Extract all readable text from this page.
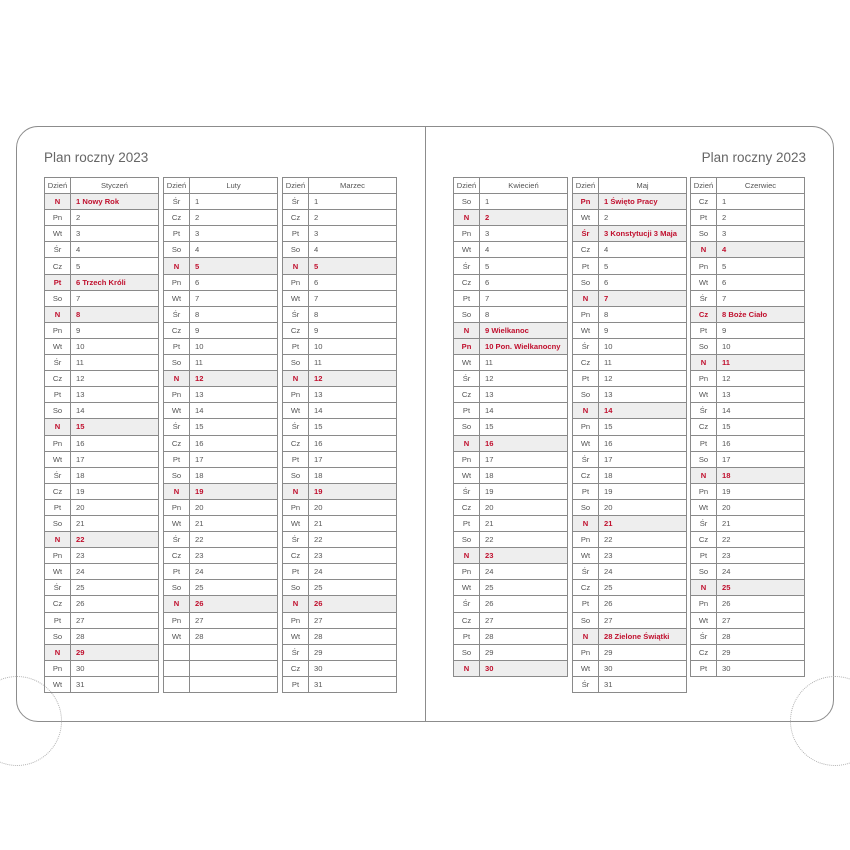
Plan roczny 2023	Plan roczny 2023
Dzień	Styczeń
N	1 Nowy Rok
Pn	2
Wt	3
Śr	4
Cz	5
Pt	6 Trzech Króli
So	7
N	8
Pn	9
Wt	10
Śr	11
Cz	12
Pt	13
So	14
N	15
Pn	16
Wt	17
Śr	18
Cz	19
Pt	20
So	21
N	22
Pn	23
Wt	24
Śr	25
Cz	26
Pt	27
So	28
N	29
Pn	30
Wt	31
Dzień	Luty
Śr	1
Cz	2
Pt	3
So	4
N	5
Pn	6
Wt	7
Śr	8
Cz	9
Pt	10
So	11
N	12
Pn	13
Wt	14
Śr	15
Cz	16
Pt	17
So	18
N	19
Pn	20
Wt	21
Śr	22
Cz	23
Pt	24
So	25
N	26
Pn	27
Wt	28

Dzień	Marzec
Śr	1
Cz	2
Pt	3
So	4
N	5
Pn	6
Wt	7
Śr	8
Cz	9
Pt	10
So	11
N	12
Pn	13
Wt	14
Śr	15
Cz	16
Pt	17
So	18
N	19
Pn	20
Wt	21
Śr	22
Cz	23
Pt	24
So	25
N	26
Pn	27
Wt	28
Śr	29
Cz	30
Pt	31
Dzień	Kwiecień
So	1
N	2
Pn	3
Wt	4
Śr	5
Cz	6
Pt	7
So	8
N	9 Wielkanoc
Pn	10 Pon. Wielkanocny
Wt	11
Śr	12
Cz	13
Pt	14
So	15
N	16
Pn	17
Wt	18
Śr	19
Cz	20
Pt	21
So	22
N	23
Pn	24
Wt	25
Śr	26
Cz	27
Pt	28
So	29
N	30
Dzień	Maj
Pn	1 Święto Pracy
Wt	2
Śr	3 Konstytucji 3 Maja
Cz	4
Pt	5
So	6
N	7
Pn	8
Wt	9
Śr	10
Cz	11
Pt	12
So	13
N	14
Pn	15
Wt	16
Śr	17
Cz	18
Pt	19
So	20
N	21
Pn	22
Wt	23
Śr	24
Cz	25
Pt	26
So	27
N	28 Zielone Świątki
Pn	29
Wt	30
Śr	31
Dzień	Czerwiec
Cz	1
Pt	2
So	3
N	4
Pn	5
Wt	6
Śr	7
Cz	8 Boże Ciało
Pt	9
So	10
N	11
Pn	12
Wt	13
Śr	14
Cz	15
Pt	16
So	17
N	18
Pn	19
Wt	20
Śr	21
Cz	22
Pt	23
So	24
N	25
Pn	26
Wt	27
Śr	28
Cz	29
Pt	30
